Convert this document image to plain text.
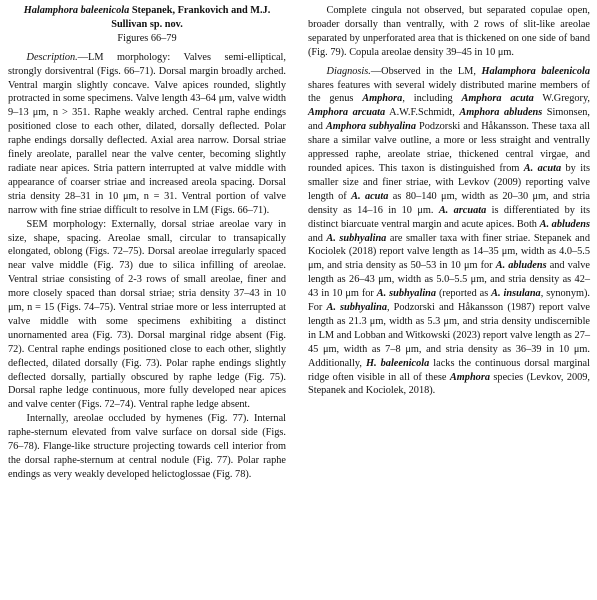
Halamphora baleenicola Stepanek, Frankovich and M.J. Sullivan sp. nov.
Figures 66–79

Description.—LM morphology: Valves semi-elliptical, strongly dorsiventral (Figs. 66–71). Dorsal margin broadly arched. Ventral margin slightly concave. Valve apices rounded, slightly protracted in some specimens. Valve length 43–64 μm, valve width 9–13 μm, n > 351. Raphe weakly arched. Central raphe endings positioned close to each other, dilated, dorsally deflected. Polar raphe endings dorsally deflected. Axial area narrow. Dorsal striae finely areolate, parallel near the valve center, becoming slightly radiate near apices. Stria pattern interrupted at valve middle with appearance of coarser striae and increased areola spacing. Dorsal stria density 28–31 in 10 μm, n = 31. Ventral portion of valve narrow with fine striae difficult to resolve in LM (Figs. 66–71).

SEM morphology: Externally, dorsal striae areolae vary in size, shape, spacing. Areolae small, circular to transapically elongated, oblong (Figs. 72–75). Dorsal areolae irregularly spaced near valve middle (Fig. 73) due to silica infilling of areolae. Ventral striae consisting of 2-3 rows of small areolae, finer and more closely spaced than dorsal striae; stria density 37–43 in 10 μm, n = 15 (Figs. 74–75). Ventral striae more or less interrupted at valve middle with some specimens exhibiting a distinct unornamented area (Fig. 73). Dorsal marginal ridge absent (Fig. 72). Central raphe endings positioned close to each other, slightly deflected, dilated dorsally (Fig. 73). Polar raphe endings slightly deflected dorsally, partially obscured by raphe ledge (Fig. 75). Dorsal raphe ledge continuous, more fully developed near apices and valve center (Figs. 72–74). Ventral raphe ledge absent.

Internally, areolae occluded by hymenes (Fig. 77). Internal raphe-sternum elevated from valve surface on dorsal side (Figs. 76–78). Flange-like structure projecting towards cell interior from the dorsal raphe-sternum at central nodule (Fig. 77). Polar raphe endings as very weakly developed helictoglossae (Fig. 78).

Complete cingula not observed, but separated copulae open, broader dorsally than ventrally, with 2 rows of slit-like areolae separated by unperforated area that is thickened on one side of band (Fig. 79). Copula areolae density 39–45 in 10 μm.

Diagnosis.—Observed in the LM, Halamphora baleenicola shares features with several widely distributed marine members of the genus Amphora, including Amphora acuta W.Gregory, Amphora arcuata A.W.F.Schmidt, Amphora abludens Simonsen, and Amphora subhyalina Podzorski and Håkansson. These taxa all share a similar valve outline, a more or less straight and ventrally appressed raphe, areolate striae, thickened central virgae, and rounded apices. This taxon is distinguished from A. acuta by its smaller size and finer striae, with Levkov (2009) reporting valve length of A. acuta as 80–140 μm, width as 20–30 μm, and stria density as 14–16 in 10 μm. A. arcuata is differentiated by its distinct biarcuate ventral margin and acute apices. Both A. abludens and A. subhyalina are smaller taxa with finer striae. Stepanek and Kociolek (2018) report valve length as 14–35 μm, width as 4.0–5.5 μm, and stria density as 50–53 in 10 μm for A. abludens and valve length as 26–43 μm, width as 5.0–5.5 μm, and stria density as 42–43 in 10 μm for A. subhyalina (reported as A. insulana, synonym). For A. subhyalina, Podzorski and Håkansson (1987) report valve length as 21.3 μm, width as 5.3 μm, and stria density undiscernible in LM and Lobban and Witkowski (2023) report valve length as 27–45 μm, width as 7–8 μm, and stria density as 36–39 in 10 μm. Additionally, H. baleenicola lacks the continuous dorsal marginal ridge often visible in all of these Amphora species (Levkov, 2009, Stepanek and Kociolek, 2018).
